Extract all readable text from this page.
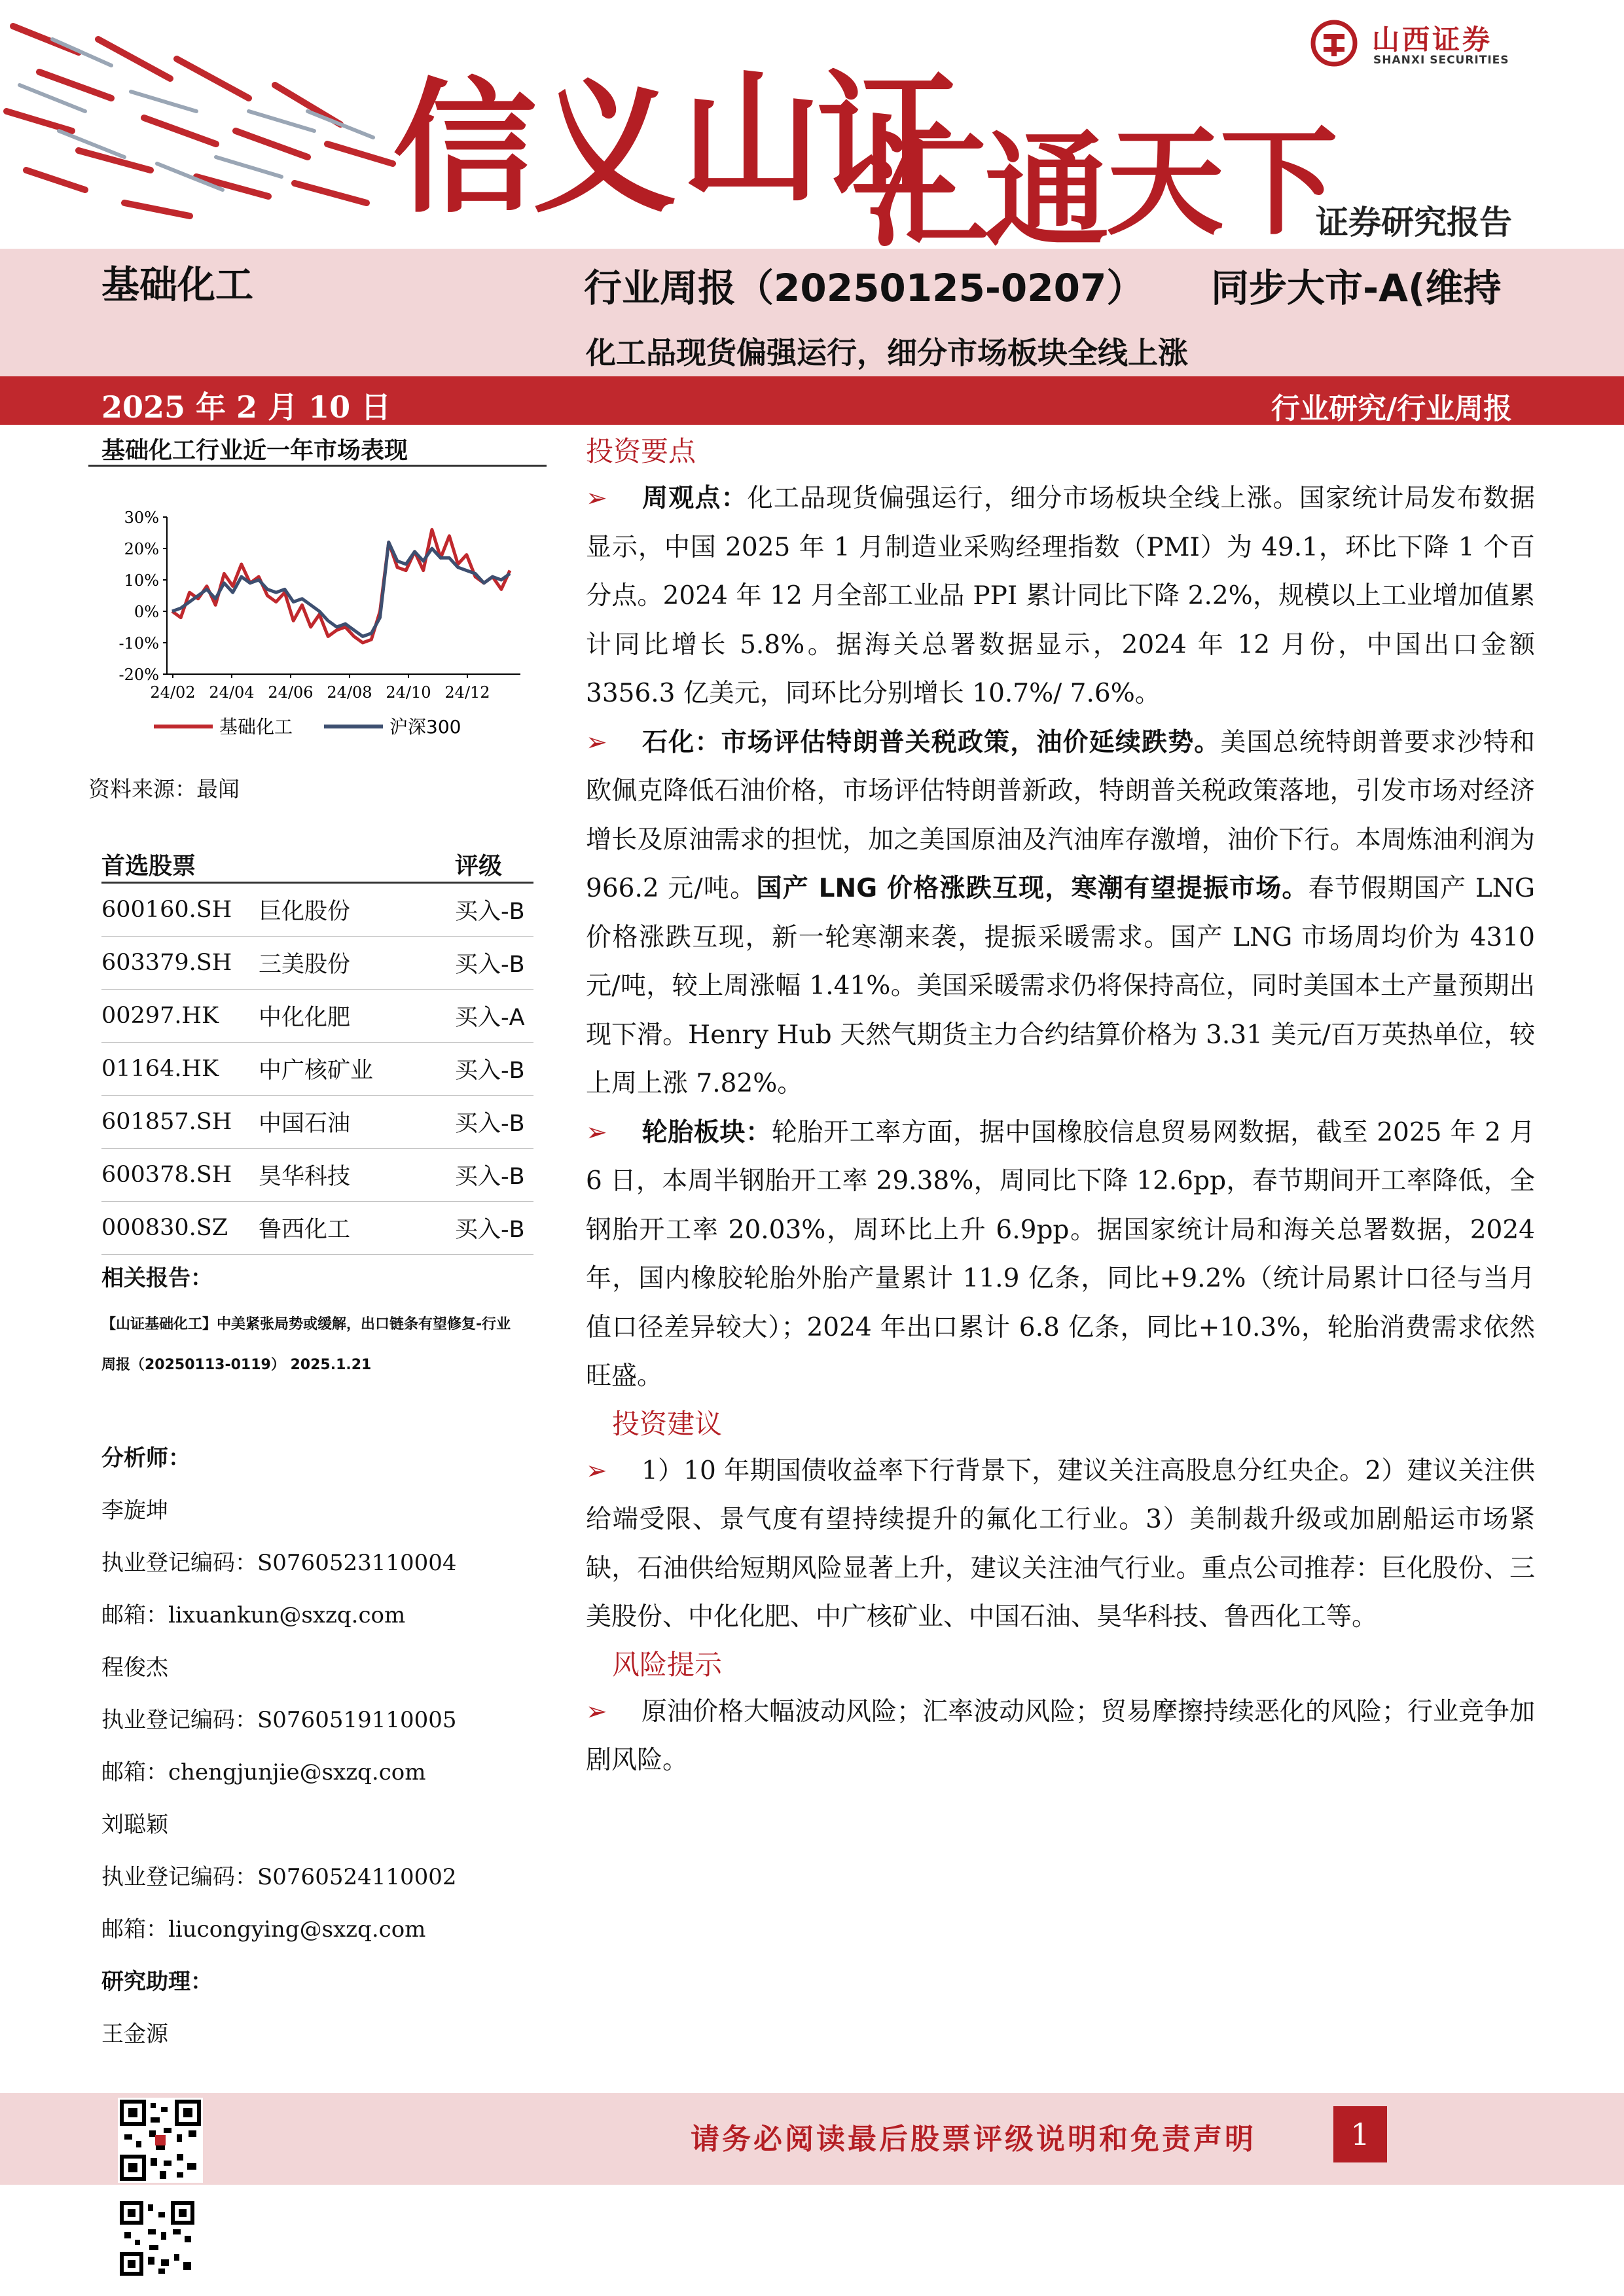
信义 山证
汇通 天下
山西证券
SHANXI SECURITIES
证券研究报告
基础化工	行业周报（20250125-0207） 同步大市-A(维持
化工品现货偏强运行，细分市场板块全线上涨
2025 年 2 月 10 日	行业研究/行业周报
基础化工行业近一年市场表现
30%
20%
10%
0%
-10%
-20%
24/02 24/04 24/06 24/08 24/10 24/12
基础化工	沪深300
资料来源：最闻
首选股票	评级
600160.SH	巨化股份	买入-B
603379.SH	三美股份	买入-B
00297.HK	中化化肥	买入-A
01164.HK	中广核矿业	买入-B
601857.SH	中国石油	买入-B
600378.SH	昊华科技	买入-B
000830.SZ	鲁西化工	买入-B
相关报告：
【山证基础化工】中美紧张局势或缓解，出口链条有望修复-行业
周报（20250113-0119） 2025.1.21
分析师：
李旋坤
执业登记编码：S0760523110004
邮箱：lixuankun@sxzq.com
程俊杰
执业登记编码：S0760519110005
邮箱：chengjunjie@sxzq.com
刘聪颖
执业登记编码：S0760524110002
邮箱：liucongying@sxzq.com
研究助理：
王金源
投资要点

➢ 周观点：化工品现货偏强运行，细分市场板块全线上涨。国家统计局发布数据显示，中国 2025 年 1 月制造业采购经理指数（PMI）为 49.1，环比下降 1 个百分点。2024 年 12 月全部工业品 PPI 累计同比下降 2.2%，规模以上工业增加值累计同比增长 5.8%。据海关总署数据显示，2024 年 12 月份，中国出口金额 3356.3 亿美元，同环比分别增长 10.7%/ 7.6%。

➢ 石化：市场评估特朗普关税政策，油价延续跌势。美国总统特朗普要求沙特和欧佩克降低石油价格，市场评估特朗普新政，特朗普关税政策落地，引发市场对经济增长及原油需求的担忧，加之美国原油及汽油库存激增，油价下行。本周炼油利润为 966.2 元/吨。国产 LNG 价格涨跌互现，寒潮有望提振市场。春节假期国产 LNG 价格涨跌互现，新一轮寒潮来袭，提振采暖需求。国产 LNG 市场周均价为 4310 元/吨，较上周涨幅 1.41%。美国采暖需求仍将保持高位，同时美国本土产量预期出现下滑。Henry Hub 天然气期货主力合约结算价格为 3.31 美元/百万英热单位，较上周上涨 7.82%。

➢ 轮胎板块：轮胎开工率方面，据中国橡胶信息贸易网数据，截至 2025 年 2 月 6 日，本周半钢胎开工率 29.38%，周同比下降 12.6pp，春节期间开工率降低，全钢胎开工率 20.03%，周环比上升 6.9pp。据国家统计局和海关总署数据，2024 年，国内橡胶轮胎外胎产量累计 11.9 亿条，同比+9.2%（统计局累计口径与当月值口径差异较大）；2024 年出口累计 6.8 亿条，同比+10.3%，轮胎消费需求依然旺盛。

投资建议

➢ 1）10 年期国债收益率下行背景下，建议关注高股息分红央企。2）建议关注供给端受限、景气度有望持续提升的氟化工行业。3）美制裁升级或加剧船运市场紧缺，石油供给短期风险显著上升，建议关注油气行业。重点公司推荐：巨化股份、三美股份、中化化肥、中广核矿业、中国石油、昊华科技、鲁西化工等。

风险提示

➢ 原油价格大幅波动风险；汇率波动风险；贸易摩擦持续恶化的风险；行业竞争加剧风险。

请务必阅读最后股票评级说明和免责声明	1
